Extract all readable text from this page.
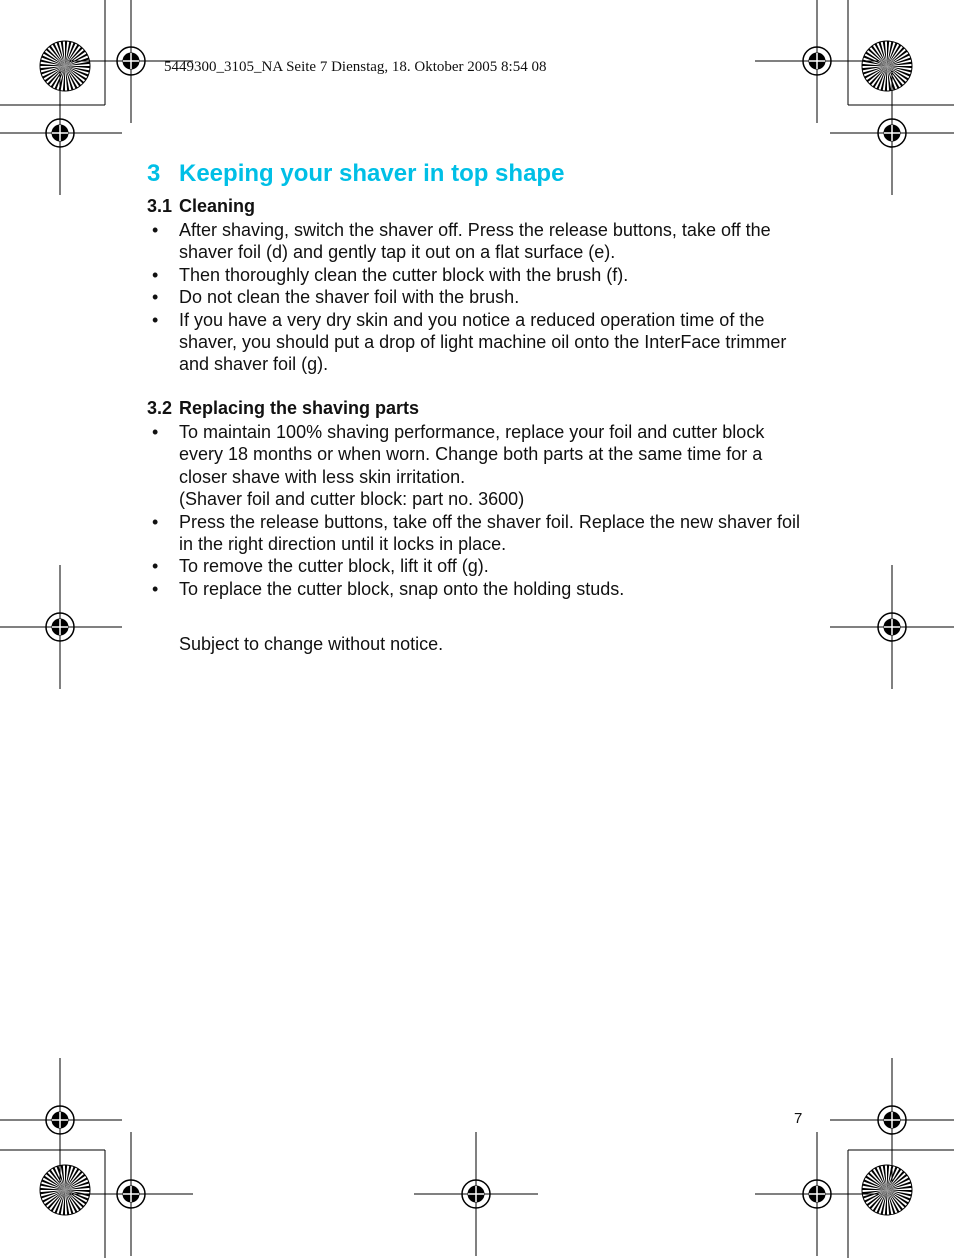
5449300_3105_NA Seite 7 Dienstag, 18. Oktober 2005 8:54 08
3 Keeping your shaver in top shape
3.1 Cleaning
• After shaving, switch the shaver off. Press the release buttons, take off the shaver foil (d) and gently tap it out on a flat surface (e).
• Then thoroughly clean the cutter block with the brush (f).
• Do not clean the shaver foil with the brush.
• If you have a very dry skin and you notice a reduced operation time of the shaver, you should put a drop of light machine oil onto the InterFace trimmer and shaver foil (g).
3.2 Replacing the shaving parts
• To maintain 100% shaving performance, replace your foil and cutter block every 18 months or when worn. Change both parts at the same time for a closer shave with less skin irritation.
(Shaver foil and cutter block: part no. 3600)
• Press the release buttons, take off the shaver foil. Replace the new shaver foil in the right direction until it locks in place.
• To remove the cutter block, lift it off (g).
• To replace the cutter block, snap onto the holding studs.
Subject to change without notice.
7
